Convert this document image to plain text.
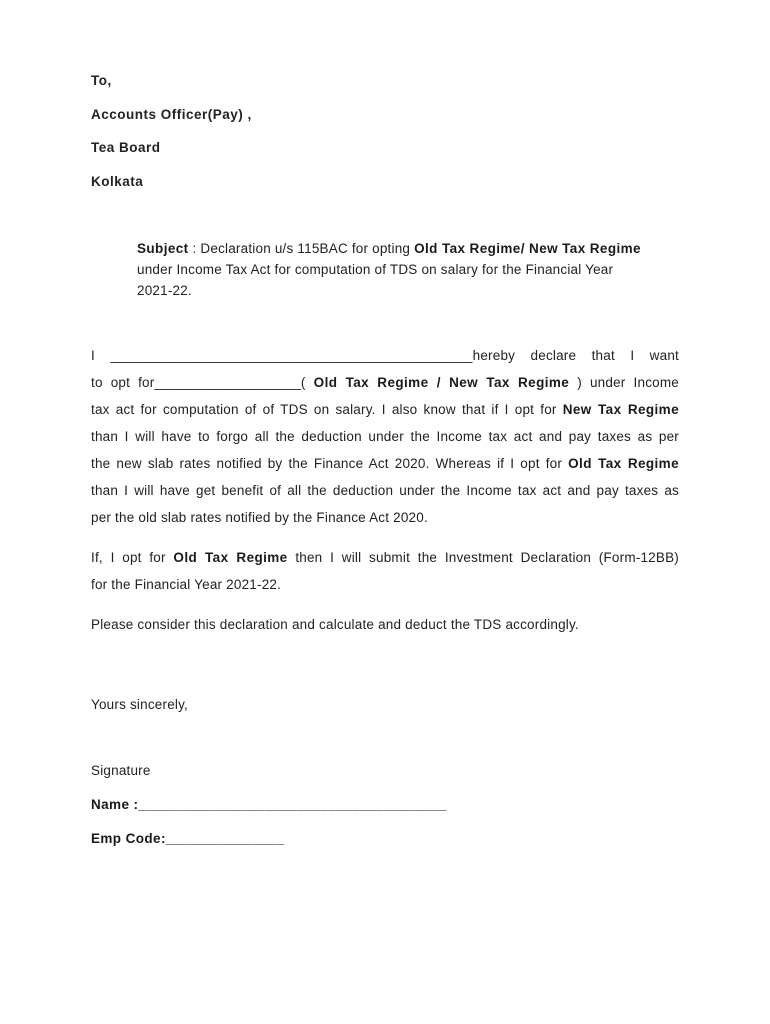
To,
Accounts Officer(Pay) ,
Tea Board
Kolkata
Subject : Declaration u/s 115BAC for opting Old Tax Regime/ New Tax Regime
under Income Tax Act for computation of TDS on salary for the Financial Year
2021-22.
I _______________________________________________hereby declare that I want
to opt for___________________( Old Tax Regime / New Tax Regime ) under Income
tax act for computation of of TDS on salary. I also know that if I opt for New Tax Regime
than I will have to forgo all the deduction under the Income tax act and pay taxes as per
the new slab rates notified by the Finance Act 2020. Whereas if I opt for Old Tax Regime
than I will have get benefit of all the deduction under the Income tax act and pay taxes as
per the old slab rates notified by the Finance Act 2020.
If, I opt for Old Tax Regime then I will submit the Investment Declaration (Form-12BB)
for the Financial Year 2021-22.
Please consider this declaration and calculate and deduct the TDS accordingly.
Yours sincerely,
Signature
Name :_______________________________________
Emp Code:_______________
